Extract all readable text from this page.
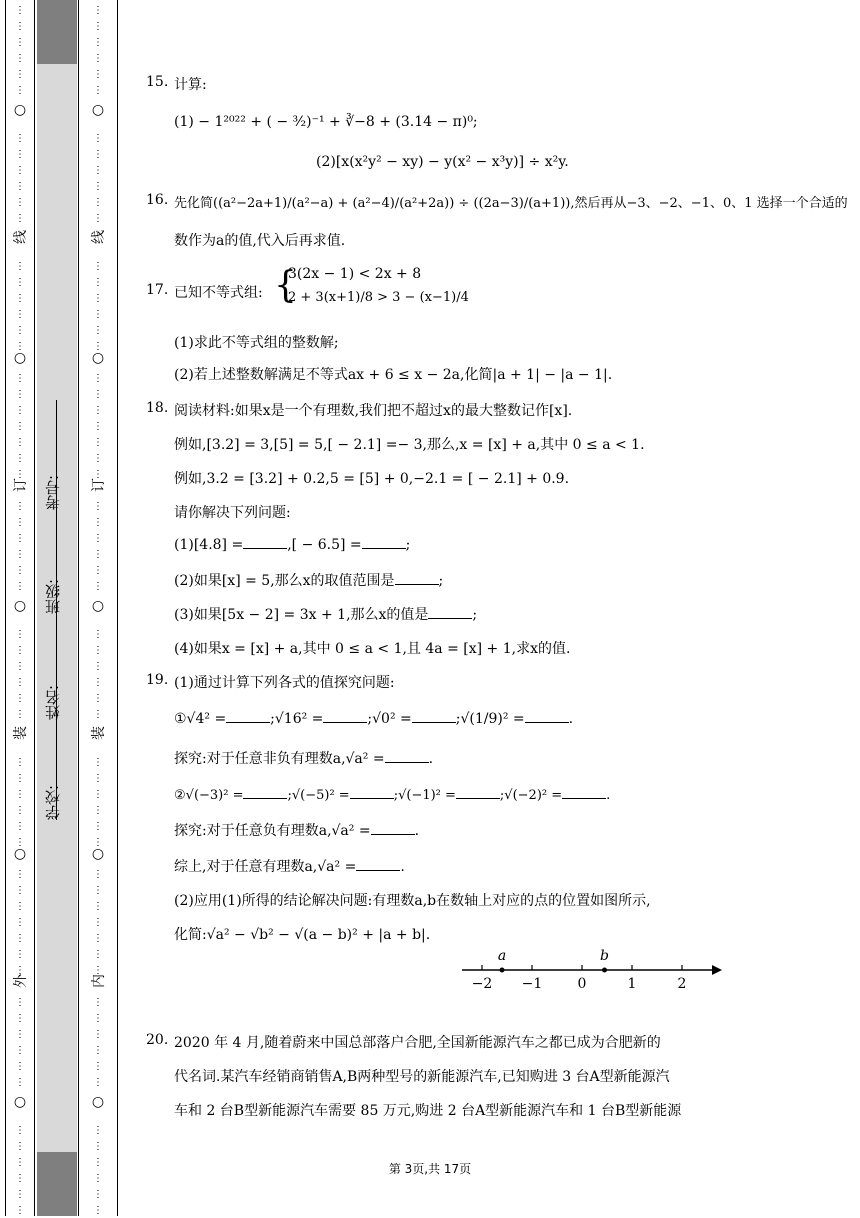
⋮
⋮
⋮
⋮
⋮
⋮
⋮
⋮
⋮
⋮
⋮
⋮
⋮
⋮
⋮
⋮
⋮
⋮
⋮
⋮
⋮
⋮
⋮
⋮
⋮
⋮
⋮
⋮
⋮
⋮
⋮
⋮
⋮
⋮
⋮
⋮
⋮
⋮
⋮
⋮
⋮
⋮
⋮
⋮
⋮
⋮
⋮
⋮
⋮
⋮
⋮
⋮
⋮
⋮
⋮
⋮
⋮
⋮
⋮
⋮
⋮
⋮
○
○
○
○
○
线
订
装
外
⋮
⋮
⋮
⋮
⋮
⋮
⋮
⋮
⋮
⋮
⋮
⋮
⋮
⋮
⋮
⋮
⋮
⋮
⋮
⋮
⋮
⋮
⋮
⋮
⋮
⋮
⋮
⋮
⋮
⋮
⋮
⋮
⋮
⋮
⋮
⋮
⋮
⋮
⋮
⋮
⋮
⋮
⋮
⋮
⋮
⋮
⋮
⋮
⋮
⋮
⋮
⋮
⋮
⋮
⋮
⋮
⋮
⋮
⋮
⋮
⋮
⋮
○
○
○
○
○
线
订
装
内
学校:
姓名:
班级:
考号:
15. 计算:
(1) − 1²⁰²² + ( − ³⁄₂)⁻¹ + ∛−8 + (3.14 − π)⁰;
(2)[x(x²y² − xy) − y(x² − x³y)] ÷ x²y.
16. 先化简((a²−2a+1)/(a²−a) + (a²−4)/(a²+2a)) ÷ ((2a−3)/(a+1)),然后再从−3、−2、−1、0、1 选择一个合适的
数作为a的值,代入后再求值.
17. 已知不等式组: {
3(2x − 1) < 2x + 8
2 + 3(x+1)/8 > 3 − (x−1)/4
(1)求此不等式组的整数解;
(2)若上述整数解满足不等式ax + 6 ≤ x − 2a,化简|a + 1| − |a − 1|.
18. 阅读材料:如果x是一个有理数,我们把不超过x的最大整数记作[x].
例如,[3.2] = 3,[5] = 5,[ − 2.1] =− 3,那么,x = [x] + a,其中 0 ≤ a < 1.
例如,3.2 = [3.2] + 0.2,5 = [5] + 0,−2.1 = [ − 2.1] + 0.9.
请你解决下列问题:
(1)[4.8] =	,[ − 6.5] =	;
(2)如果[x] = 5,那么x的取值范围是	;
(3)如果[5x − 2] = 3x + 1,那么x的值是	;
(4)如果x = [x] + a,其中 0 ≤ a < 1,且 4a = [x] + 1,求x的值.
19. (1)通过计算下列各式的值探究问题:
①√4² =	;√16² =	;√0² =	;√(1/9)² =	.
探究:对于任意非负有理数a,√a² =	.
②√(−3)² =	;√(−5)² =	;√(−1)² =	;√(−2)² =	.
探究:对于任意负有理数a,√a² =	.
综上,对于任意有理数a,√a² =	.
(2)应用(1)所得的结论解决问题:有理数a,b在数轴上对应的点的位置如图所示,
化简:√a² − √b² − √(a − b)² + |a + b|.
20. 2020 年 4 月,随着蔚来中国总部落户合肥,全国新能源汽车之都已成为合肥新的
代名词.某汽车经销商销售A,B两种型号的新能源汽车,已知购进 3 台A型新能源汽
车和 2 台B型新能源汽车需要 85 万元,购进 2 台A型新能源汽车和 1 台B型新能源
−2 −1	0	1	2
a	b
第 3页,共 17页
